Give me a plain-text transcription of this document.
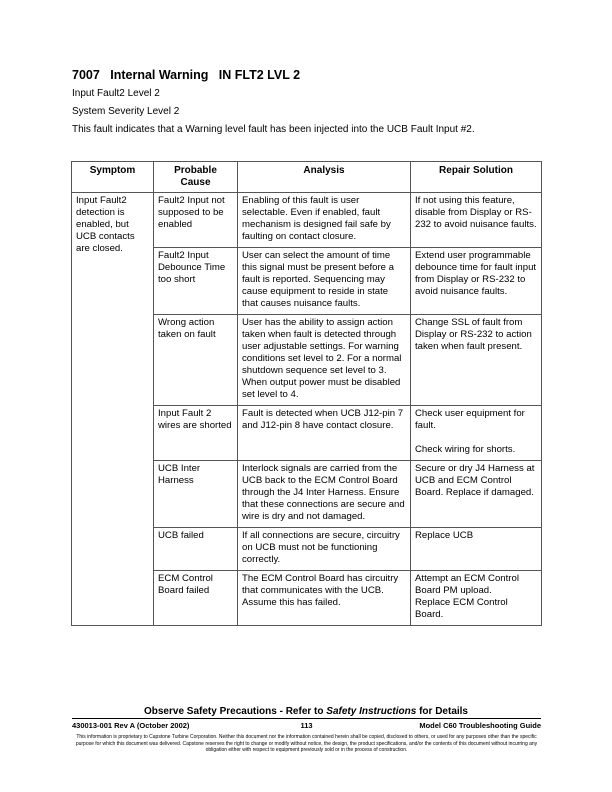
7007   Internal Warning   IN FLT2 LVL 2
Input Fault2 Level 2
System Severity Level 2
This fault indicates that a Warning level fault has been injected into the UCB Fault Input #2.
Symptom	Probable Cause	Analysis	Repair Solution
Input Fault2 detection is enabled, but UCB contacts are closed.	Fault2 Input not supposed to be enabled	Enabling of this fault is user selectable. Even if enabled, fault mechanism is designed fail safe by faulting on contact closure.	If not using this feature, disable from Display or RS-232 to avoid nuisance faults.

	Fault2 Input Debounce Time too short	User can select the amount of time this signal must be present before a fault is reported. Sequencing may cause equipment to reside in state that causes nuisance faults.	Extend user programmable debounce time for fault input from Display or RS-232 to avoid nuisance faults.

	Wrong action taken on fault	User has the ability to assign action taken when fault is detected through user adjustable settings. For warning conditions set level to 2. For a normal shutdown sequence set level to 3. When output power must be disabled set level to 4.	Change SSL of fault from Display or RS-232 to action taken when fault present.

	Input Fault 2 wires are shorted	Fault is detected when UCB J12-pin 7 and J12-pin 8 have contact closure.	Check user equipment for fault.
Check wiring for shorts.

	UCB Inter Harness	Interlock signals are carried from the UCB back to the ECM Control Board through the J4 Inter Harness. Ensure that these connections are secure and wire is dry and not damaged.	Secure or dry J4 Harness at UCB and ECM Control Board. Replace if damaged.

	UCB failed	If all connections are secure, circuitry on UCB must not be functioning correctly.	Replace UCB

	ECM Control Board failed	The ECM Control Board has circuitry that communicates with the UCB. Assume this has failed.	Attempt an ECM Control Board PM upload.
Replace ECM Control Board.
Observe Safety Precautions - Refer to Safety Instructions for Details
113
430013-001 Rev A (October 2002)	Model C60 Troubleshooting Guide
This information is proprietary to Capstone Turbine Corporation. Neither this document nor the information contained herein shall be copied, disclosed to others, or used for any purposes other than the specific purpose for which this document was delivered. Capstone reserves the right to change or modify without notice, the design, the product specifications, and/or the contents of this document without incurring any obligation either with respect to equipment previously sold or in the process of construction.
